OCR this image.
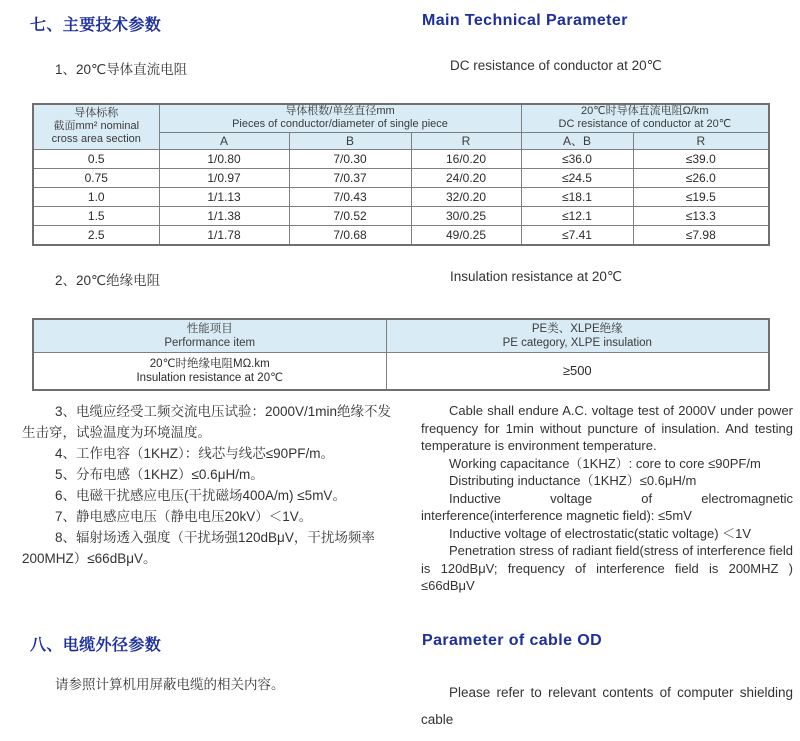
七、主要技术参数	Main Technical Parameter
1、20℃导体直流电阻	DC resistance of conductor at 20℃
导体标称
截面mm² nominal
cross area section

导体根数/单丝直径mm
Pieces of conductor/diameter of single piece

20℃时导体直流电阻Ω/km
DC resistance of conductor at 20℃

	A	B	R	A、B	R
0.5	1/0.80	7/0.30	16/0.20	≤36.0	≤39.0
0.75	1/0.97	7/0.37	24/0.20	≤24.5	≤26.0
1.0	1/1.13	7/0.43	32/0.20	≤18.1	≤19.5
1.5	1/1.38	7/0.52	30/0.25	≤12.1	≤13.3
2.5	1/1.78	7/0.68	49/0.25	≤7.41	≤7.98
2、20℃绝缘电阻	Insulation resistance at 20℃
性能项目
Performance item

PE类、XLPE绝缘
PE category, XLPE insulation

20℃时绝缘电阻MΩ.km
Insulation resistance at 20℃	≥500

3、电缆应经受工频交流电压试验：2000V/1min绝缘不发生击穿，试验温度为环境温度。

4、工作电容（1KHZ）：线芯与线芯≤90PF/m。

5、分布电感（1KHZ）≤0.6μH/m。

6、电磁干扰感应电压(干扰磁场400A/m) ≤5mV。

7、静电感应电压（静电电压20kV）＜1V。

8、辐射场透入强度（干扰场强120dBμV，干扰场频率200MHZ）≤66dBμV。

Cable shall endure A.C. voltage test of 2000V under power frequency for 1min without puncture of insulation. And testing temperature is environment temperature.

Working capacitance（1KHZ）: core to core ≤90PF/m

Distributing inductance（1KHZ）≤0.6μH/m

Inductive voltage of electromagnetic interference(interference magnetic field): ≤5mV

Inductive voltage of electrostatic(static voltage) ＜1V

Penetration stress of radiant field(stress of interference field is 120dBμV; frequency of interference field is 200MHZ ) ≤66dBμV

八、电缆外径参数	Parameter of cable OD
请参照计算机用屏蔽电缆的相关内容。
Please refer to relevant contents of computer shielding cable
